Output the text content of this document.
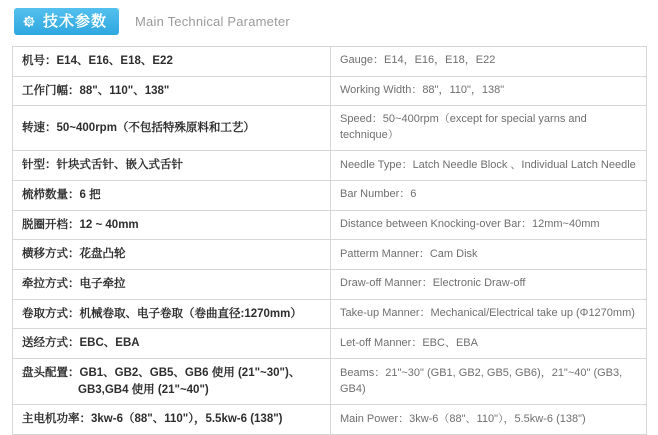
技术参数 Main Technical Parameter
机号：E14、E16、E18、E22	Gauge：E14，E16，E18，E22
工作门幅：88"、110"、138"	Working Width：88"，110"，138"
转速：50~400rpm（不包括特殊原料和工艺）	Speed：50~400rpm（except for special yarns and technique）
针型：针块式舌针、嵌入式舌针	Needle Type：Latch Needle Block 、Individual Latch Needle
梳栉数量：6 把	Bar Number：6
脱圈开档：12 ~ 40mm	Distance between Knocking-over Bar：12mm~40mm
横移方式：花盘凸轮	Patterm Manner：Cam Disk
牵拉方式：电子牵拉	Draw-off Manner：Electronic Draw-off
卷取方式：机械卷取、电子卷取（卷曲直径:1270mm）	Take-up Manner：Mechanical/Electrical take up (Φ1270mm)
送经方式：EBC、EBA	Let-off Manner：EBC、EBA

盘头配置：GB1、GB2、GB5、GB6 使用 (21"~30")、
GB3,GB4 使用 (21"~40")	Beams：21"~30" (GB1, GB2, GB5, GB6)，21"~40" (GB3, GB4)
主电机功率：3kw-6（88"、110"），5.5kw-6 (138")	Main Power：3kw-6（88"、110"），5.5kw-6 (138")
